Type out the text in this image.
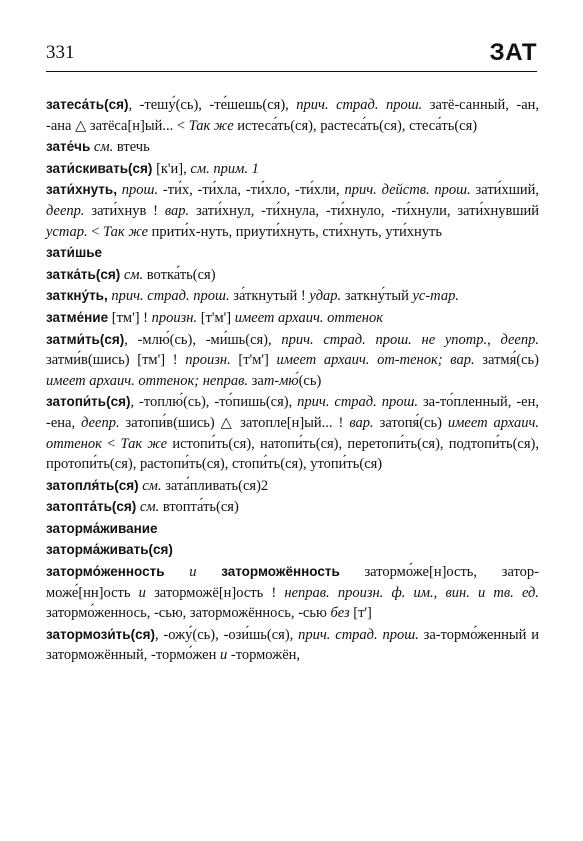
331	ЗАТ
затеса́ть(ся), -тешу́(сь), -те́шешь(ся), прич. страд. прош. затё-санный, -ан, -ана △ затёса[н]ый... < Так же истеса́ть(ся), растеса́ть(ся), стеса́ть(ся)
зате́чь см. втечь
зати́скивать(ся) [к'и], см. прим. 1
зати́хнуть, прош. -ти́х, -ти́хла, -ти́хло, -ти́хли, прич. действ. прош. зати́хший, деепр. зати́хнув ! вар. зати́хнул, -ти́хнула, -ти́хнуло, -ти́хнули, зати́хнувший устар. < Так же прити́х-нуть, приути́хнуть, сти́хнуть, ути́хнуть
зати́шье
затка́ть(ся) см. вотка́ть(ся)
заткну́ть, прич. страд. прош. за́ткнутый ! удар. заткну́тый ус-тар.
затме́ние [тм'] ! произн. [т'м'] имеет архаич. оттенок
затми́ть(ся), -млю́(сь), -ми́шь(ся), прич. страд. прош. не употр., деепр. затми́в(шись) [тм'] ! произн. [т'м'] имеет архаич. от-тенок; вар. затмя́(сь) имеет архаич. оттенок; неправ. зат-мю́(сь)
затопи́ть(ся), -топлю́(сь), -то́пишь(ся), прич. страд. прош. за-то́пленный, -ен, -ена, деепр. затопи́в(шись) △ затопле[н]ый... ! вар. затопя́(сь) имеет архаич. оттенок < Так же истопи́ть(ся), натопи́ть(ся), перетопи́ть(ся), подтопи́ть(ся), протопи́ть(ся), растопи́ть(ся), стопи́ть(ся), утопи́ть(ся)
затопля́ть(ся) см. зата́пливать(ся)2
затопта́ть(ся) см. втопта́ть(ся)
заторма́живание
заторма́живать(ся)
затормо́женность и заторможённость затормо́же[н]ость, затор-може́[нн]ость и заторможё[н]ость ! неправ. произн. ф. им., вин. и тв. ед. затормо́женнось, -сью, заторможённось, -сью без [т']
затормози́ть(ся), -ожу́(сь), -ози́шь(ся), прич. страд. прош. за-тормо́женный и заторможённый, -тормо́жен и -торможён,
